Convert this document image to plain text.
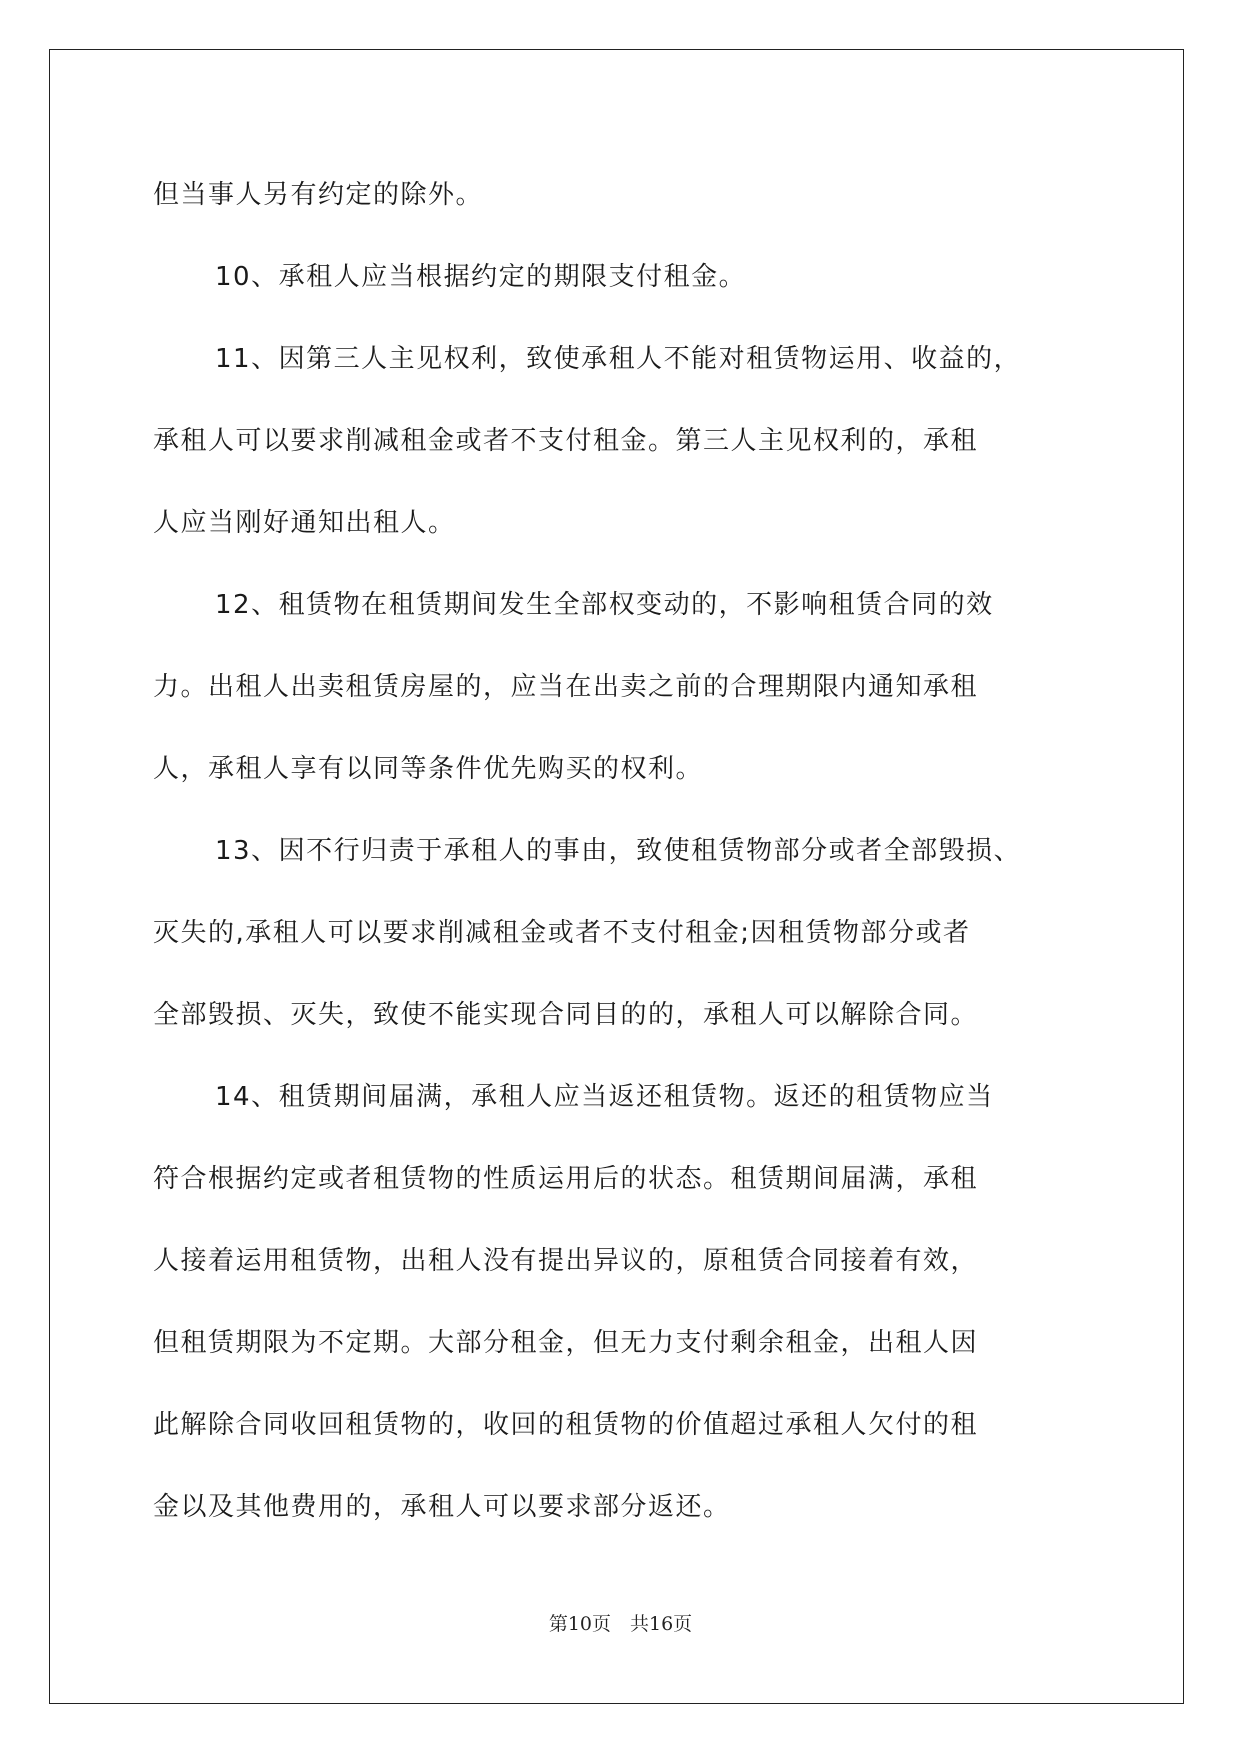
但当事人另有约定的除外。
10、承租人应当根据约定的期限支付租金。
11、因第三人主见权利，致使承租人不能对租赁物运用、收益的，
承租人可以要求削减租金或者不支付租金。第三人主见权利的，承租
人应当刚好通知出租人。
12、租赁物在租赁期间发生全部权变动的，不影响租赁合同的效
力。出租人出卖租赁房屋的，应当在出卖之前的合理期限内通知承租
人，承租人享有以同等条件优先购买的权利。
13、因不行归责于承租人的事由，致使租赁物部分或者全部毁损、
灭失的,承租人可以要求削减租金或者不支付租金;因租赁物部分或者
全部毁损、灭失，致使不能实现合同目的的，承租人可以解除合同。
14、租赁期间届满，承租人应当返还租赁物。返还的租赁物应当
符合根据约定或者租赁物的性质运用后的状态。租赁期间届满，承租
人接着运用租赁物，出租人没有提出异议的，原租赁合同接着有效，
但租赁期限为不定期。大部分租金，但无力支付剩余租金，出租人因
此解除合同收回租赁物的，收回的租赁物的价值超过承租人欠付的租
金以及其他费用的，承租人可以要求部分返还。
第10页　共16页
